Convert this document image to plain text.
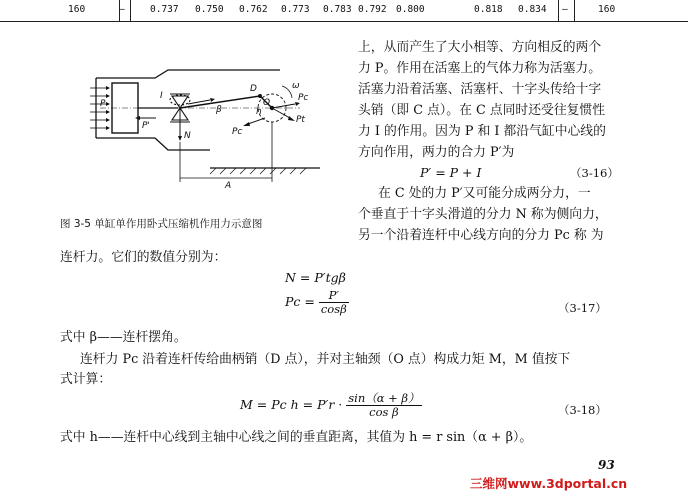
160	—	0.737 0.750 0.762 0.773 0.783 0.792 0.800	0.818 0.834 —	160
P
P'
I
N
β
D
O
h
ω
Pc
Pt
Pc
A
图 3-5 单缸单作用卧式压缩机作用力示意图
上，从而产生了大小相等、方向相反的两个
力 P。作用在活塞上的气体力称为活塞力。
活塞力沿着活塞、活塞杆、十字头传给十字
头销（即 C 点）。在 C 点同时还受往复惯性
力 I 的作用。因为 P 和 I 都沿气缸中心线的
方向作用，两力的合力 P′为
P′ = P + I	（3-16）
在 C 处的力 P′又可能分成两分力，一
个垂直于十字头滑道的分力 N 称为侧向力，
另一个沿着连杆中心线方向的分力 Pc 称 为
连杆力。它们的数值分别为：
N = P′tgβ
$Pc = \frac{P'}{\cos\beta}$	（3-17）
式中 β——连杆摆角。
连杆力 Pc 沿着连杆传给曲柄销（D 点），并对主轴颈（O 点）构成力矩 M，M 值按下
式计算：
M = Pc $h = P'r \cdot \frac{\sin(\alpha + \beta)}{\text{cos β}}$	（3-18）
式中 h——连杆中心线到主轴中心线之间的垂直距离，其值为 h = r sin（α + β）。
93
三维网www.3dportal.cn
